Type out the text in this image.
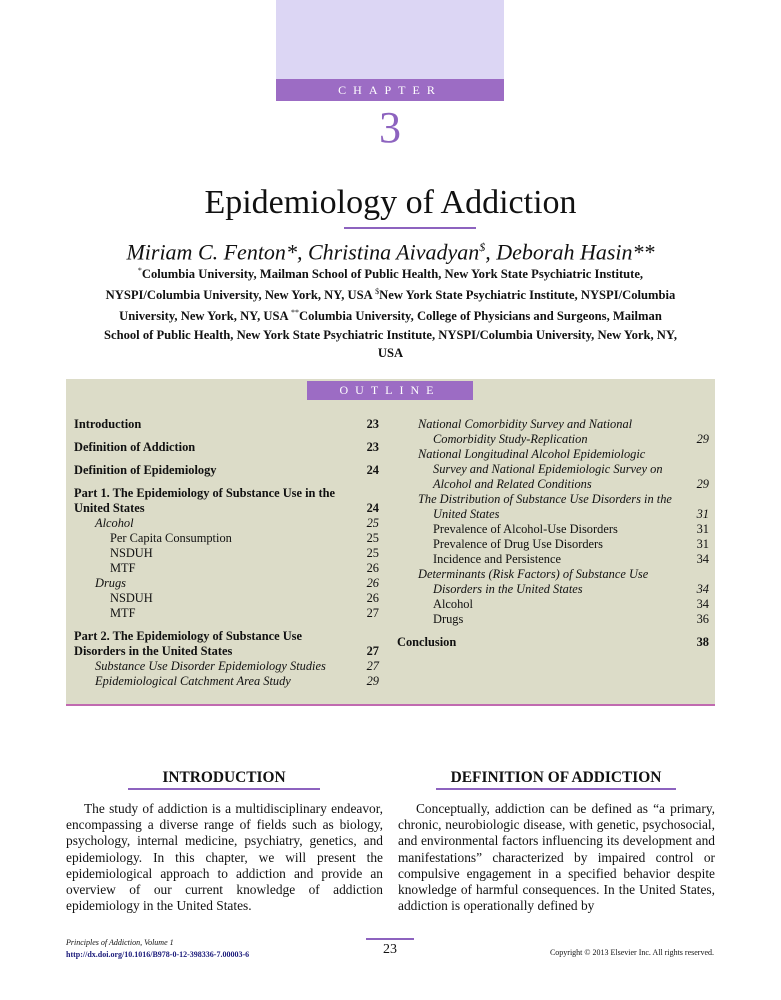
CHAPTER
3
Epidemiology of Addiction
Miriam C. Fenton*, Christina Aivadyan$, Deborah Hasin**
*Columbia University, Mailman School of Public Health, New York State Psychiatric Institute, NYSPI/Columbia University, New York, NY, USA $New York State Psychiatric Institute, NYSPI/Columbia University, New York, NY, USA **Columbia University, College of Physicians and Surgeons, Mailman School of Public Health, New York State Psychiatric Institute, NYSPI/Columbia University, New York, NY, USA
OUTLINE
Introduction	23
Definition of Addiction	23
Definition of Epidemiology	24
Part 1. The Epidemiology of Substance Use in the United States	24
Alcohol	25
Per Capita Consumption	25
NSDUH	25
MTF	26
Drugs	26
NSDUH	26
MTF	27
Part 2. The Epidemiology of Substance Use Disorders in the United States	27
Substance Use Disorder Epidemiology Studies	27
Epidemiological Catchment Area Study	29
National Comorbidity Survey and National Comorbidity Study-Replication	29
National Longitudinal Alcohol Epidemiologic Survey and National Epidemiologic Survey on Alcohol and Related Conditions	29
The Distribution of Substance Use Disorders in the United States	31
Prevalence of Alcohol-Use Disorders	31
Prevalence of Drug Use Disorders	31
Incidence and Persistence	34
Determinants (Risk Factors) of Substance Use Disorders in the United States	34
Alcohol	34
Drugs	36
Conclusion	38
INTRODUCTION
The study of addiction is a multidisciplinary endeavor, encompassing a diverse range of fields such as biology, psychology, internal medicine, psychiatry, genetics, and epidemiology. In this chapter, we will present the epidemiological approach to addiction and provide an overview of our current knowledge of addiction epidemiology in the United States.
DEFINITION OF ADDICTION
Conceptually, addiction can be defined as “a primary, chronic, neurobiologic disease, with genetic, psychosocial, and environmental factors influencing its development and manifestations” characterized by impaired control or compulsive engagement in a specified behavior despite knowledge of harmful consequences. In the United States, addiction is operationally defined by
Principles of Addiction, Volume 1
http://dx.doi.org/10.1016/B978-0-12-398336-7.00003-6	23	Copyright © 2013 Elsevier Inc. All rights reserved.
